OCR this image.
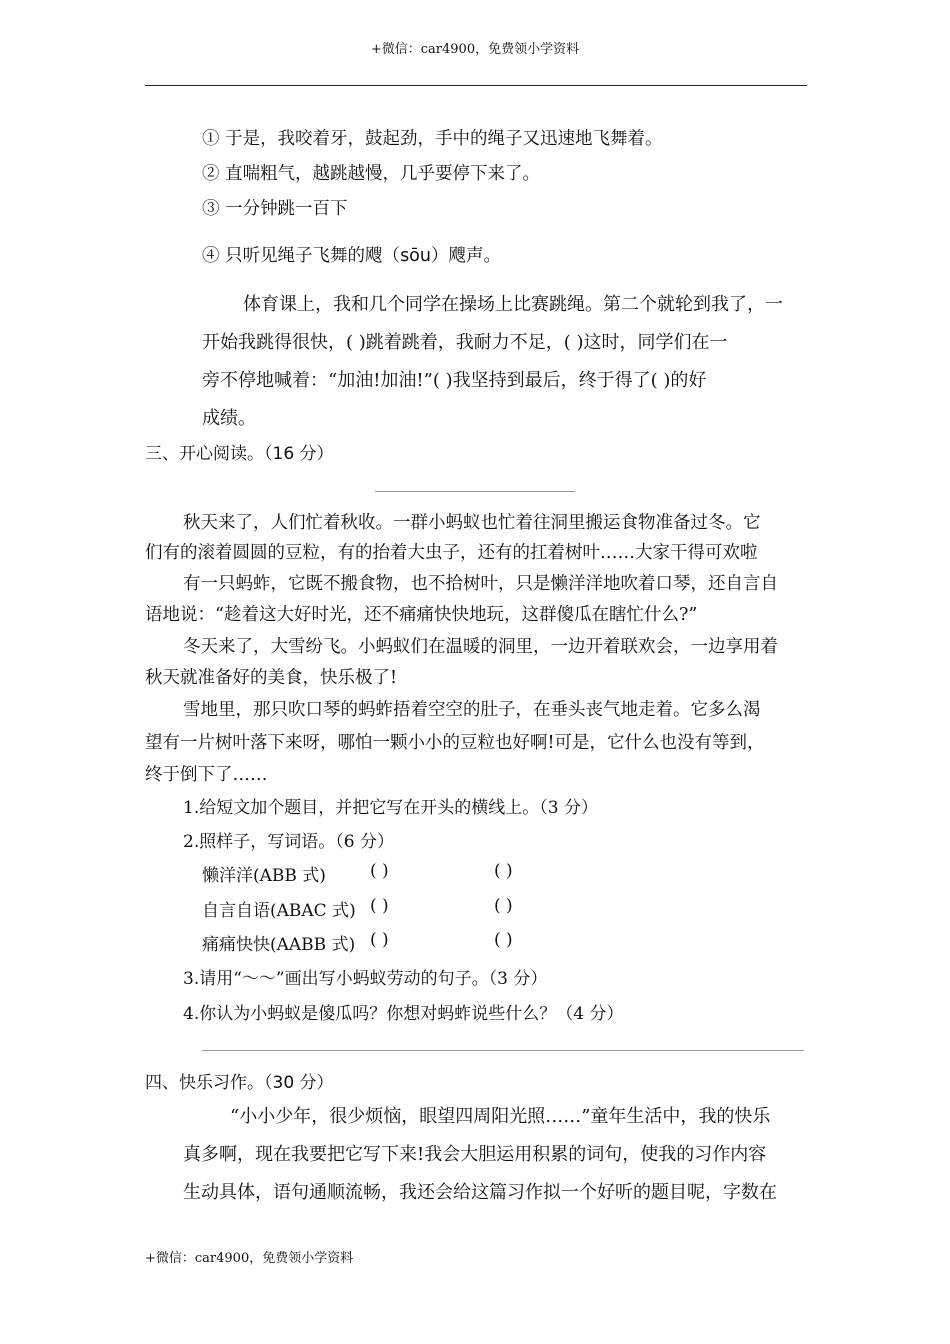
+微信：car4900，免费领小学资料
① 于是，我咬着牙，鼓起劲，手中的绳子又迅速地飞舞着。
② 直喘粗气，越跳越慢，几乎要停下来了。
③ 一分钟跳一百下
④ 只听见绳子飞舞的飕（sōu）飕声。
体育课上，我和几个同学在操场上比赛跳绳。第二个就轮到我了，一
开始我跳得很快，( )跳着跳着，我耐力不足，( )这时，同学们在一
旁不停地喊着：“加油!加油!”( )我坚持到最后，终于得了( )的好
成绩。
三、开心阅读。（16 分）
秋天来了，人们忙着秋收。一群小蚂蚁也忙着往洞里搬运食物准备过冬。它
们有的滚着圆圆的豆粒，有的抬着大虫子，还有的扛着树叶……大家干得可欢啦
有一只蚂蚱，它既不搬食物，也不拾树叶，只是懒洋洋地吹着口琴，还自言自
语地说：“趁着这大好时光，还不痛痛快快地玩，这群傻瓜在瞎忙什么?”
冬天来了，大雪纷飞。小蚂蚁们在温暖的洞里，一边开着联欢会，一边享用着
秋天就准备好的美食，快乐极了!
雪地里，那只吹口琴的蚂蚱捂着空空的肚子，在垂头丧气地走着。它多么渴
望有一片树叶落下来呀，哪怕一颗小小的豆粒也好啊!可是，它什么也没有等到，
终于倒下了……
1.给短文加个题目，并把它写在开头的横线上。（3 分）
2.照样子，写词语。（6 分）
懒洋洋(ABB 式)	( )	( )
自言自语(ABAC 式) ( )	( )
痛痛快快(AABB 式) ( )	( )
3.请用“～～”画出写小蚂蚁劳动的句子。（3 分）
4.你认为小蚂蚁是傻瓜吗？你想对蚂蚱说些什么？（4 分）
四、快乐习作。（30 分）
“小小少年，很少烦恼，眼望四周阳光照……”童年生活中，我的快乐
真多啊，现在我要把它写下来!我会大胆运用积累的词句，使我的习作内容
生动具体，语句通顺流畅，我还会给这篇习作拟一个好听的题目呢，字数在
+微信：car4900，免费领小学资料
